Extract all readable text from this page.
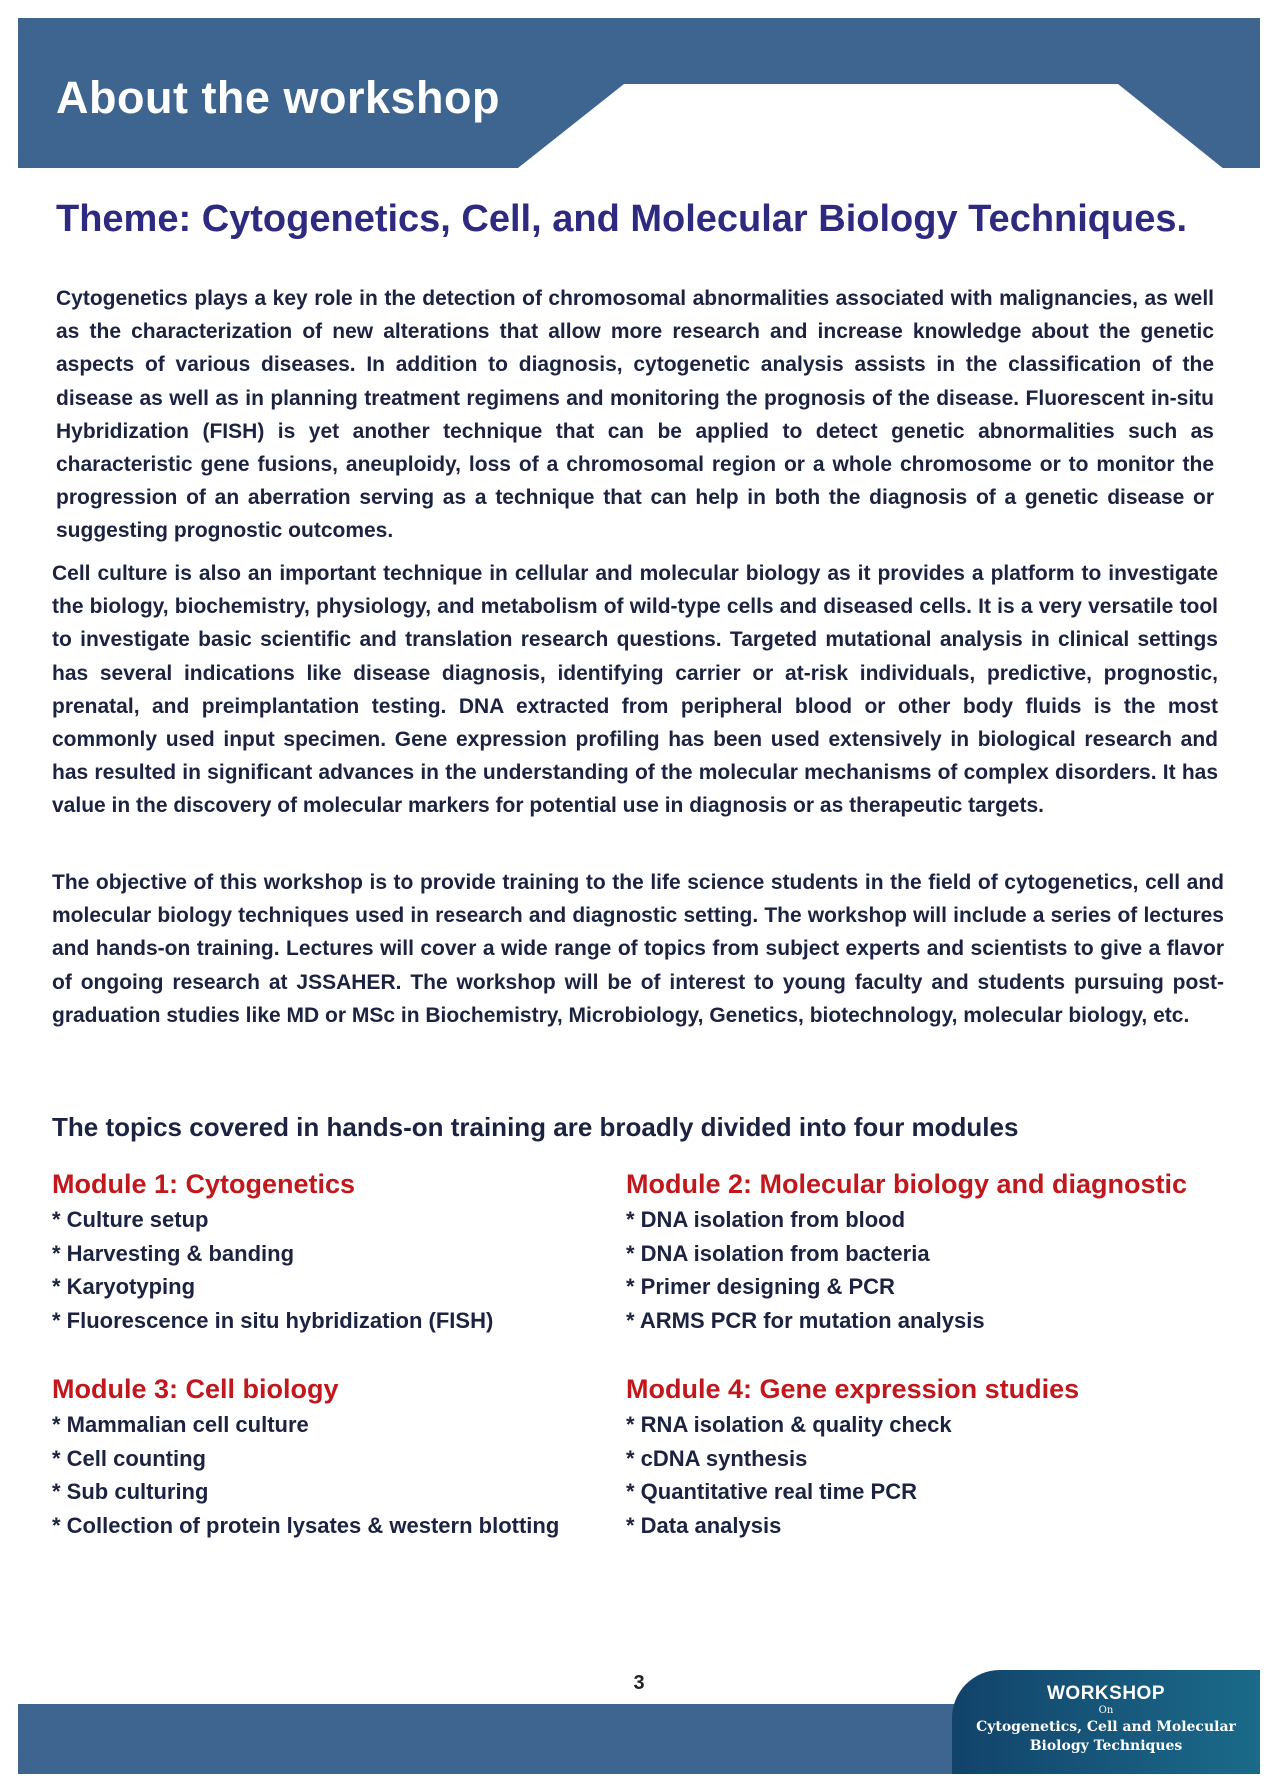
About the workshop
Theme: Cytogenetics, Cell, and Molecular Biology Techniques.

Cytogenetics plays a key role in the detection of chromosomal abnormalities associated with malignancies, as well as the characterization of new alterations that allow more research and increase knowledge about the genetic aspects of various diseases. In addition to diagnosis, cytogenetic analysis assists in the classification of the disease as well as in planning treatment regimens and monitoring the prognosis of the disease. Fluorescent in-situ Hybridization (FISH) is yet another technique that can be applied to detect genetic abnormalities such as characteristic gene fusions, aneuploidy, loss of a chromosomal region or a whole chromosome or to monitor the progression of an aberration serving as a technique that can help in both the diagnosis of a genetic disease or suggesting prognostic outcomes.

Cell culture is also an important technique in cellular and molecular biology as it provides a platform to investigate the biology, biochemistry, physiology, and metabolism of wild-type cells and diseased cells. It is a very versatile tool to investigate basic scientific and translation research questions. Targeted mutational analysis in clinical settings has several indications like disease diagnosis, identifying carrier or at-risk individuals, predictive, prognostic, prenatal, and preimplantation testing. DNA extracted from peripheral blood or other body fluids is the most commonly used input specimen. Gene expression profiling has been used extensively in biological research and has resulted in significant advances in the understanding of the molecular mechanisms of complex disorders. It has value in the discovery of molecular markers for potential use in diagnosis or as therapeutic targets.

The objective of this workshop is to provide training to the life science students in the field of cytogenetics, cell and molecular biology techniques used in research and diagnostic setting. The workshop will include a series of lectures and hands-on training. Lectures will cover a wide range of topics from subject experts and scientists to give a flavor of ongoing research at JSSAHER. The workshop will be of interest to young faculty and students pursuing post-graduation studies like MD or MSc in Biochemistry, Microbiology, Genetics, biotechnology, molecular biology, etc.

The topics covered in hands-on training are broadly divided into four modules
Module 1: Cytogenetics
* Culture setup
* Harvesting & banding
* Karyotyping
* Fluorescence in situ hybridization (FISH)
Module 2: Molecular biology and diagnostic
* DNA isolation from blood
* DNA isolation from bacteria
* Primer designing & PCR
* ARMS PCR for mutation analysis
Module 3: Cell biology
* Mammalian cell culture
* Cell counting
* Sub culturing
* Collection of protein lysates & western blotting
Module 4: Gene expression studies
* RNA isolation & quality check
* cDNA synthesis
* Quantitative real time PCR
* Data analysis
3	WORKSHOP
On
Cytogenetics, Cell and Molecular
Biology Techniques
